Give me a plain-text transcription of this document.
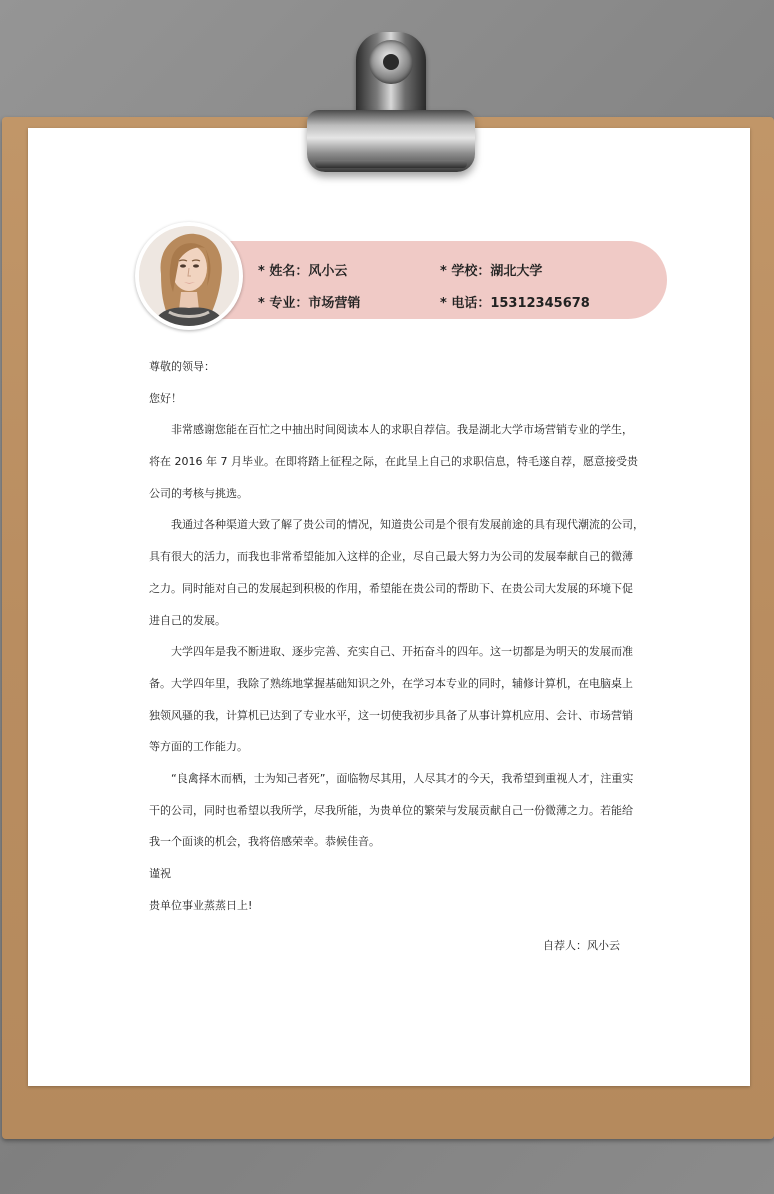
* 姓名：风小云	* 学校：湖北大学
* 专业：市场营销	* 电话：15312345678
尊敬的领导：
您好！
　　非常感谢您能在百忙之中抽出时间阅读本人的求职自荐信。我是湖北大学市场营销专业的学生，
将在 2016 年 7 月毕业。在即将踏上征程之际，在此呈上自己的求职信息，特毛遂自荐，愿意接受贵
公司的考核与挑选。
　　我通过各种渠道大致了解了贵公司的情况，知道贵公司是个很有发展前途的具有现代潮流的公司，
具有很大的活力，而我也非常希望能加入这样的企业，尽自己最大努力为公司的发展奉献自己的微薄
之力。同时能对自己的发展起到积极的作用，希望能在贵公司的帮助下、在贵公司大发展的环境下促
进自己的发展。
　　大学四年是我不断进取、逐步完善、充实自己、开拓奋斗的四年。这一切都是为明天的发展而准
备。大学四年里，我除了熟练地掌握基础知识之外，在学习本专业的同时，辅修计算机，在电脑桌上
独领风骚的我，计算机已达到了专业水平，这一切使我初步具备了从事计算机应用、会计、市场营销
等方面的工作能力。
　　“良禽择木而栖，士为知己者死”，面临物尽其用，人尽其才的今天，我希望到重视人才，注重实
干的公司，同时也希望以我所学，尽我所能，为贵单位的繁荣与发展贡献自己一份微薄之力。若能给
我一个面谈的机会，我将倍感荣幸。恭候佳音。
谨祝
贵单位事业蒸蒸日上!
自荐人：风小云
